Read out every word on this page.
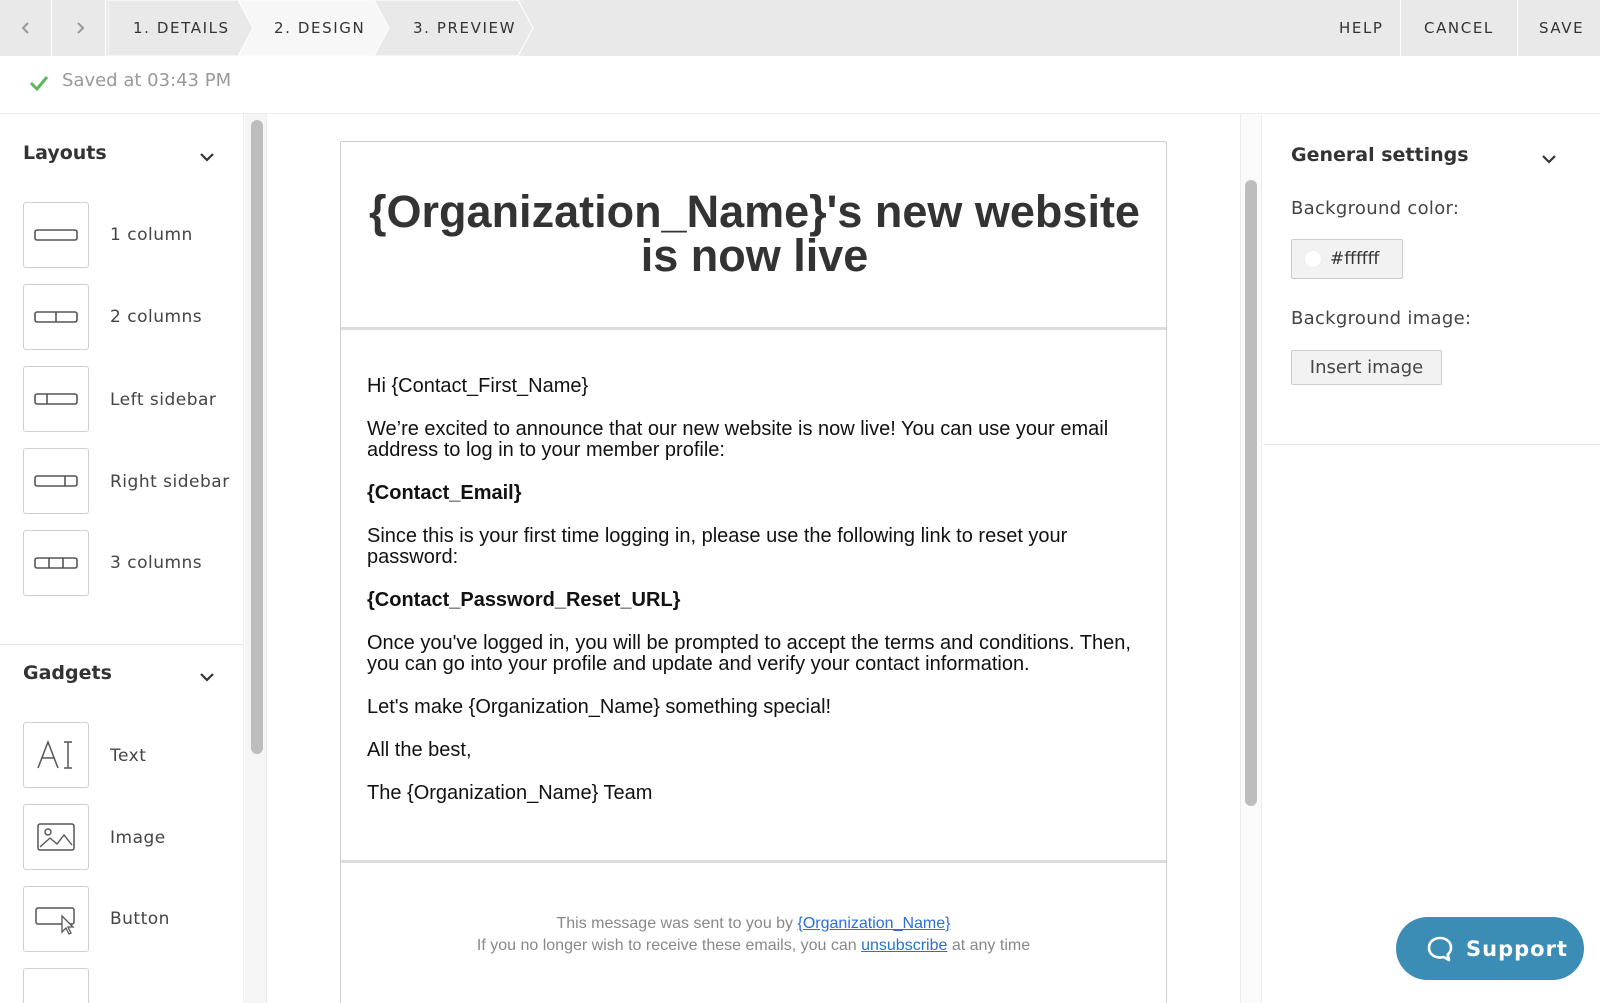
1. DETAILS	2. DESIGN	3. PREVIEW	HELP	CANCEL	SAVE
Saved at 03:43 PM
Layouts
1 column
2 columns
Left sidebar
Right sidebar
3 columns
Gadgets
Text
Image
Button
{Organization_Name}'s new website is now live

Hi {Contact_First_Name}

We’re excited to announce that our new website is now live! You can use your email address to log in to your member profile:

{Contact_Email}

Since this is your first time logging in, please use the following link to reset your password:

{Contact_Password_Reset_URL}

Once you've logged in, you will be prompted to accept the terms and conditions. Then, you can go into your profile and update and verify your contact information.

Let's make {Organization_Name} something special!

All the best,

The {Organization_Name} Team

This message was sent to you by {Organization_Name}
If you no longer wish to receive these emails, you can unsubscribe at any time
General settings
Background color:
#ffffff
Background image:
Insert image
Support
